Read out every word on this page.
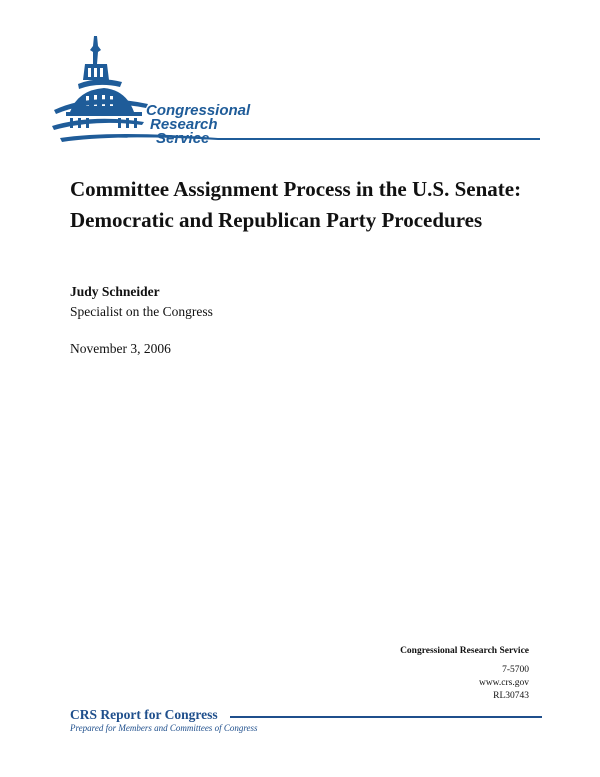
Congressional
Research
Service
Committee Assignment Process in the U.S. Senate: Democratic and Republican Party Procedures
Judy Schneider
Specialist on the Congress
November 3, 2006
Congressional Research Service
7-5700
www.crs.gov
RL30743
CRS Report for Congress
Prepared for Members and Committees of Congress
